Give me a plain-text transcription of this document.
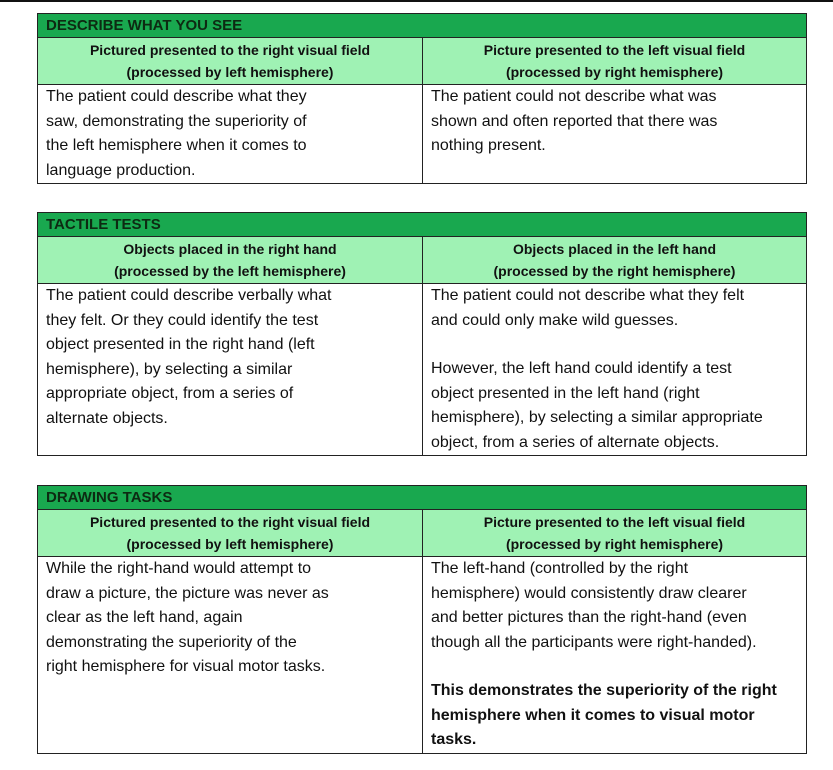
DESCRIBE WHAT YOU SEE
Pictured presented to the right visual field
(processed by left hemisphere)
Picture presented to the left visual field
(processed by right hemisphere)
The patient could describe what they
saw, demonstrating the superiority of
the left hemisphere when it comes to
language production.
The patient could not describe what was
shown and often reported that there was
nothing present.
TACTILE TESTS
Objects placed in the right hand
(processed by the left hemisphere)
Objects placed in the left hand
(processed by the right hemisphere)
The patient could describe verbally what
they felt. Or they could identify the test
object presented in the right hand (left
hemisphere), by selecting a similar
appropriate object, from a series of
alternate objects.
The patient could not describe what they felt
and could only make wild guesses.
However, the left hand could identify a test
object presented in the left hand (right
hemisphere), by selecting a similar appropriate
object, from a series of alternate objects.
DRAWING TASKS
Pictured presented to the right visual field
(processed by left hemisphere)
Picture presented to the left visual field
(processed by right hemisphere)
While the right-hand would attempt to
draw a picture, the picture was never as
clear as the left hand, again
demonstrating the superiority of the
right hemisphere for visual motor tasks.
The left-hand (controlled by the right
hemisphere) would consistently draw clearer
and better pictures than the right-hand (even
though all the participants were right-handed).
This demonstrates the superiority of the right
hemisphere when it comes to visual motor
tasks.
